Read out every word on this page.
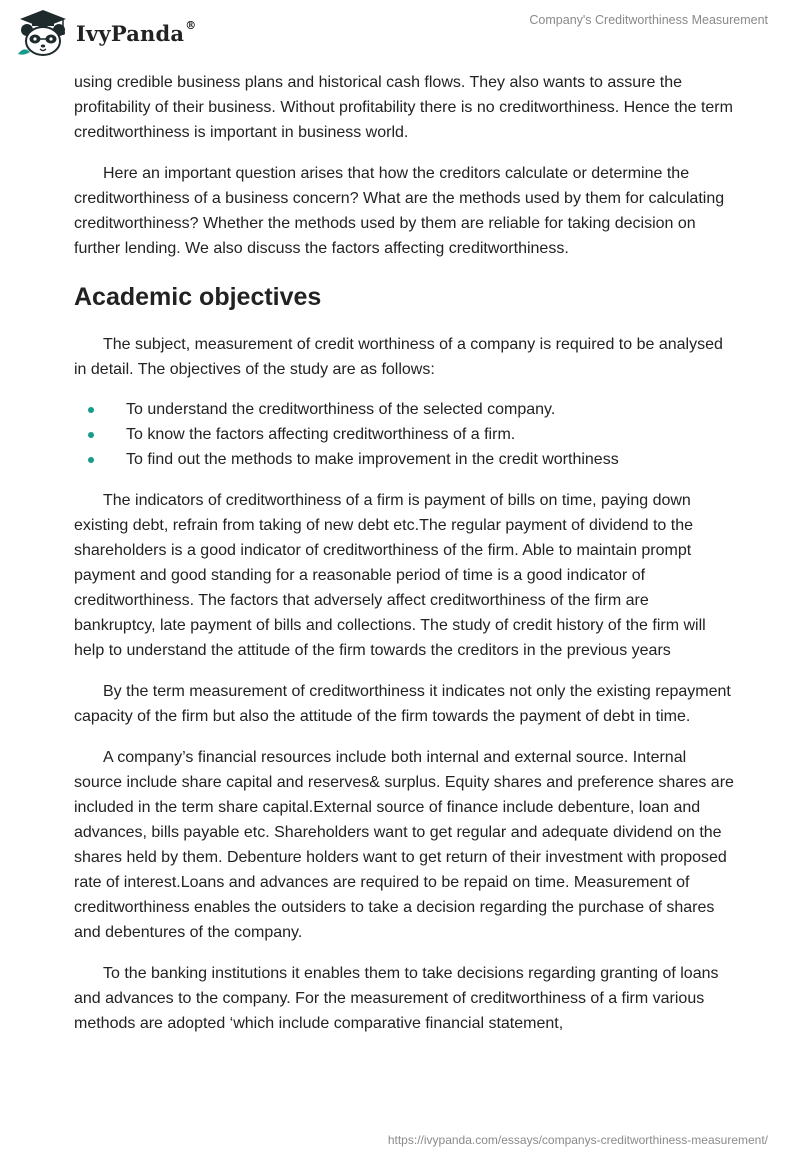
IvyPanda®	Company's Creditworthiness Measurement

using credible business plans and historical cash flows. They also wants to assure the profitability of their business. Without profitability there is no creditworthiness. Hence the term creditworthiness is important in business world.

Here an important question arises that how the creditors calculate or determine the creditworthiness of a business concern? What are the methods used by them for calculating creditworthiness? Whether the methods used by them are reliable for taking decision on further lending. We also discuss the factors affecting creditworthiness.

Academic objectives

The subject, measurement of credit worthiness of a company is required to be analysed in detail. The objectives of the study are as follows:

To understand the creditworthiness of the selected company.
To know the factors affecting creditworthiness of a firm.
To find out the methods to make improvement in the credit worthiness

The indicators of creditworthiness of a firm is payment of bills on time, paying down existing debt, refrain from taking of new debt etc.The regular payment of dividend to the shareholders is a good indicator of creditworthiness of the firm. Able to maintain prompt payment and good standing for a reasonable period of time is a good indicator of creditworthiness. The factors that adversely affect creditworthiness of the firm are bankruptcy, late payment of bills and collections. The study of credit history of the firm will help to understand the attitude of the firm towards the creditors in the previous years

By the term measurement of creditworthiness it indicates not only the existing repayment capacity of the firm but also the attitude of the firm towards the payment of debt in time.

A company’s financial resources include both internal and external source. Internal source include share capital and reserves& surplus. Equity shares and preference shares are included in the term share capital.External source of finance include debenture, loan and advances, bills payable etc. Shareholders want to get regular and adequate dividend on the shares held by them. Debenture holders want to get return of their investment with proposed rate of interest.Loans and advances are required to be repaid on time. Measurement of creditworthiness enables the outsiders to take a decision regarding the purchase of shares and debentures of the company.

To the banking institutions it enables them to take decisions regarding granting of loans and advances to the company. For the measurement of creditworthiness of a firm various methods are adopted ‘which include comparative financial statement,

https://ivypanda.com/essays/companys-creditworthiness-measurement/
